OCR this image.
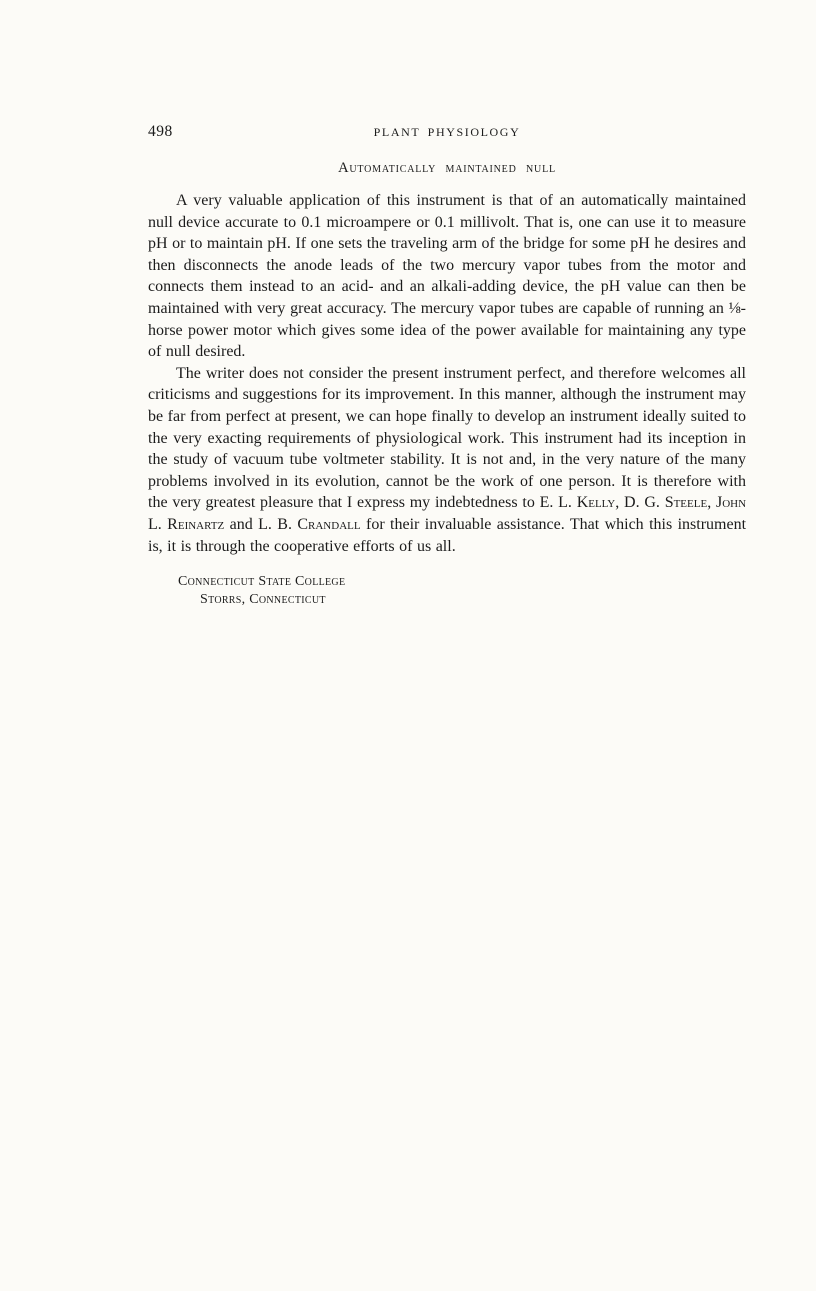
498	PLANT PHYSIOLOGY
Automatically maintained null

A very valuable application of this instrument is that of an automatically maintained null device accurate to 0.1 microampere or 0.1 millivolt. That is, one can use it to measure pH or to maintain pH. If one sets the traveling arm of the bridge for some pH he desires and then disconnects the anode leads of the two mercury vapor tubes from the motor and connects them instead to an acid- and an alkali-adding device, the pH value can then be maintained with very great accuracy. The mercury vapor tubes are capable of running an ⅛-horse power motor which gives some idea of the power available for maintaining any type of null desired.

The writer does not consider the present instrument perfect, and therefore welcomes all criticisms and suggestions for its improvement. In this manner, although the instrument may be far from perfect at present, we can hope finally to develop an instrument ideally suited to the very exacting requirements of physiological work. This instrument had its inception in the study of vacuum tube voltmeter stability. It is not and, in the very nature of the many problems involved in its evolution, cannot be the work of one person. It is therefore with the very greatest pleasure that I express my indebtedness to E. L. Kelly, D. G. Steele, John L. Reinartz and L. B. Crandall for their invaluable assistance. That which this instrument is, it is through the cooperative efforts of us all.

Connecticut State College
Storrs, Connecticut
